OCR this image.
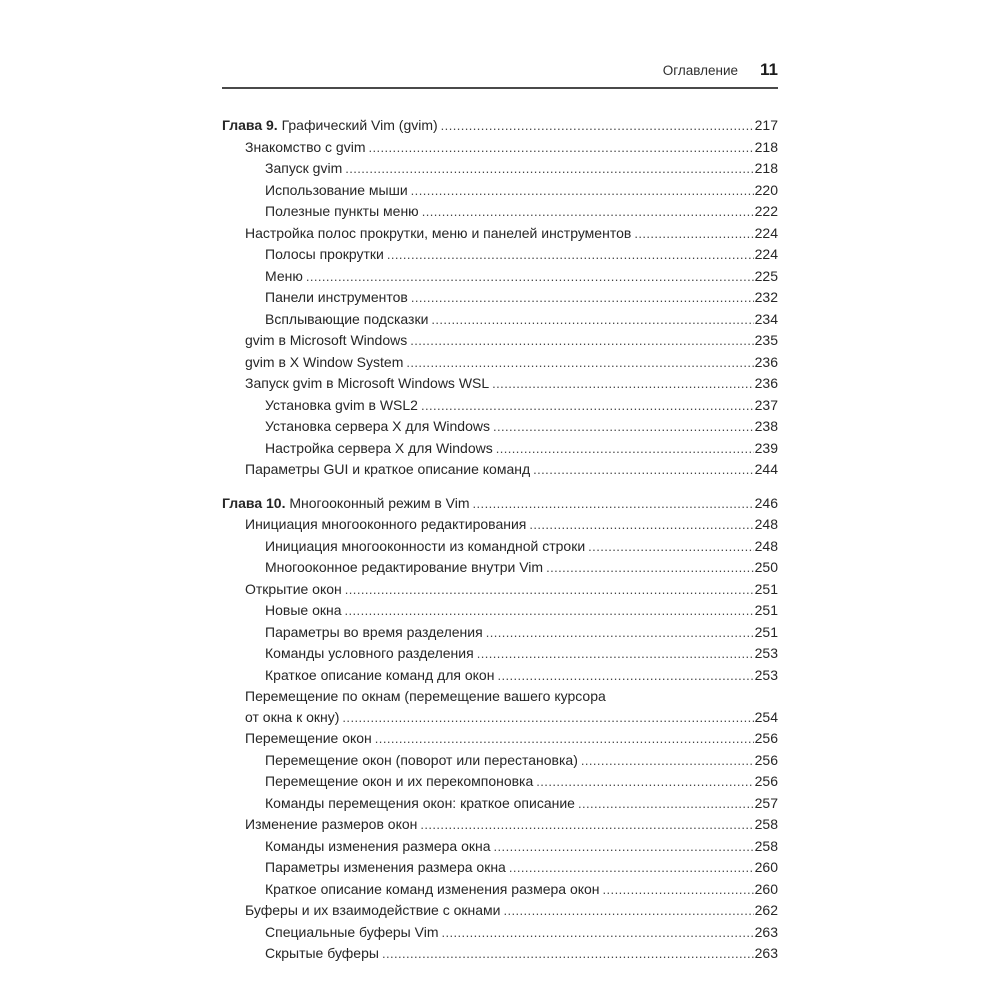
Оглавление 11
Глава 9. Графический Vim (gvim) .....	217
Знакомство с gvim .....	218
Запуск gvim .....	218
Использование мыши .....	220
Полезные пункты меню .....	222
Настройка полос прокрутки, меню и панелей инструментов .....	224
Полосы прокрутки .....	224
Меню .....	225
Панели инструментов .....	232
Всплывающие подсказки .....	234
gvim в Microsoft Windows .....	235
gvim в X Window System .....	236
Запуск gvim в Microsoft Windows WSL .....	236
Установка gvim в WSL2 .....	237
Установка сервера X для Windows .....	238
Настройка сервера X для Windows .....	239
Параметры GUI и краткое описание команд .....	244
Глава 10. Многооконный режим в Vim .....	246
Инициация многооконного редактирования .....	248
Инициация многооконности из командной строки .....	248
Многооконное редактирование внутри Vim .....	250
Открытие окон .....	251
Новые окна .....	251
Параметры во время разделения .....	251
Команды условного разделения .....	253
Краткое описание команд для окон .....	253
Перемещение по окнам (перемещение вашего курсора
от окна к окну) .....	254
Перемещение окон .....	256
Перемещение окон (поворот или перестановка) .....	256
Перемещение окон и их перекомпоновка .....	256
Команды перемещения окон: краткое описание .....	257
Изменение размеров окон .....	258
Команды изменения размера окна .....	258
Параметры изменения размера окна .....	260
Краткое описание команд изменения размера окон .....	260
Буферы и их взаимодействие с окнами .....	262
Специальные буферы Vim .....	263
Скрытые буферы .....	263
